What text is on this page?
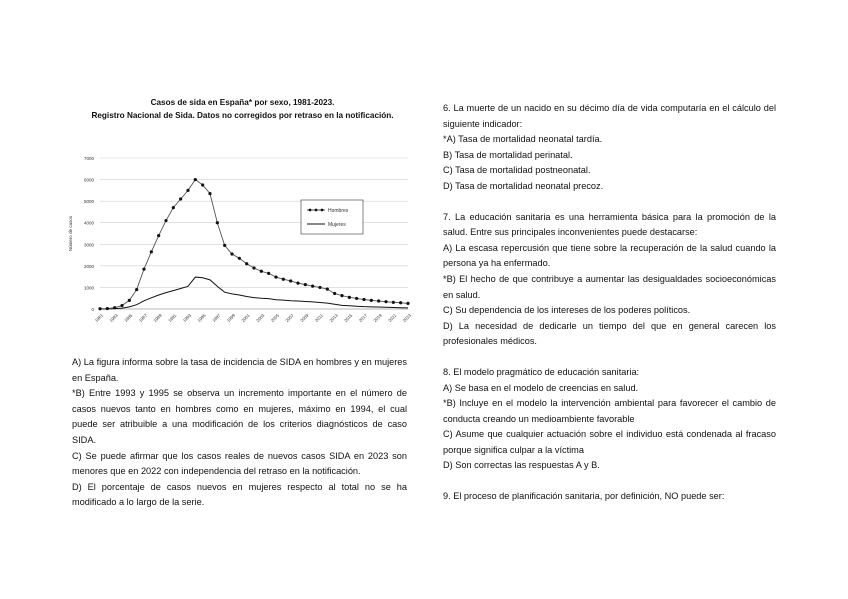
Casos de sida en España* por sexo, 1981-2023.
Registro Nacional de Sida. Datos no corregidos por retraso en la notificación.
0
1000
2000
3000
4000
5000
6000
7000
Número de casos
1981 1983 1985 1987 1989 1991 1993 1995 1997 1999 2001 2003 2005 2007 2009 2011 2013 2015 2017 2019 2021 2023
Hombres
Mujeres

A) La figura informa sobre la tasa de incidencia de SIDA en hombres y en mujeres en España.

*B) Entre 1993 y 1995 se observa un incremento importante en el número de casos nuevos tanto en hombres como en mujeres, máximo en 1994, el cual puede ser atribuible a una modificación de los criterios diagnósticos de caso SIDA.

C) Se puede afirmar que los casos reales de nuevos casos SIDA en 2023 son menores que en 2022 con independencia del retraso en la notificación.

D) El porcentaje de casos nuevos en mujeres respecto al total no se ha modificado a lo largo de la serie.

6. La muerte de un nacido en su décimo día de vida computaría en el cálculo del siguiente indicador:

*A) Tasa de mortalidad neonatal tardía.

B) Tasa de mortalidad perinatal.

C) Tasa de mortalidad postneonatal.

D) Tasa de mortalidad neonatal precoz.

7. La educación sanitaria es una herramienta básica para la promoción de la salud. Entre sus principales inconvenientes puede destacarse:

A) La escasa repercusión que tiene sobre la recuperación de la salud cuando la persona ya ha enfermado.

*B) El hecho de que contribuye a aumentar las desigualdades socioeconómicas en salud.

C) Su dependencia de los intereses de los poderes políticos.

D) La necesidad de dedicarle un tiempo del que en general carecen los profesionales médicos.

8. El modelo pragmático de educación sanitaria:

A) Se basa en el modelo de creencias en salud.

*B) Incluye en el modelo la intervención ambiental para favorecer el cambio de conducta creando un medioambiente favorable

C) Asume que cualquier actuación sobre el individuo está condenada al fracaso porque significa culpar a la víctima

D) Son correctas las respuestas A y B.

9. El proceso de planificación sanitaria, por definición, NO puede ser:
